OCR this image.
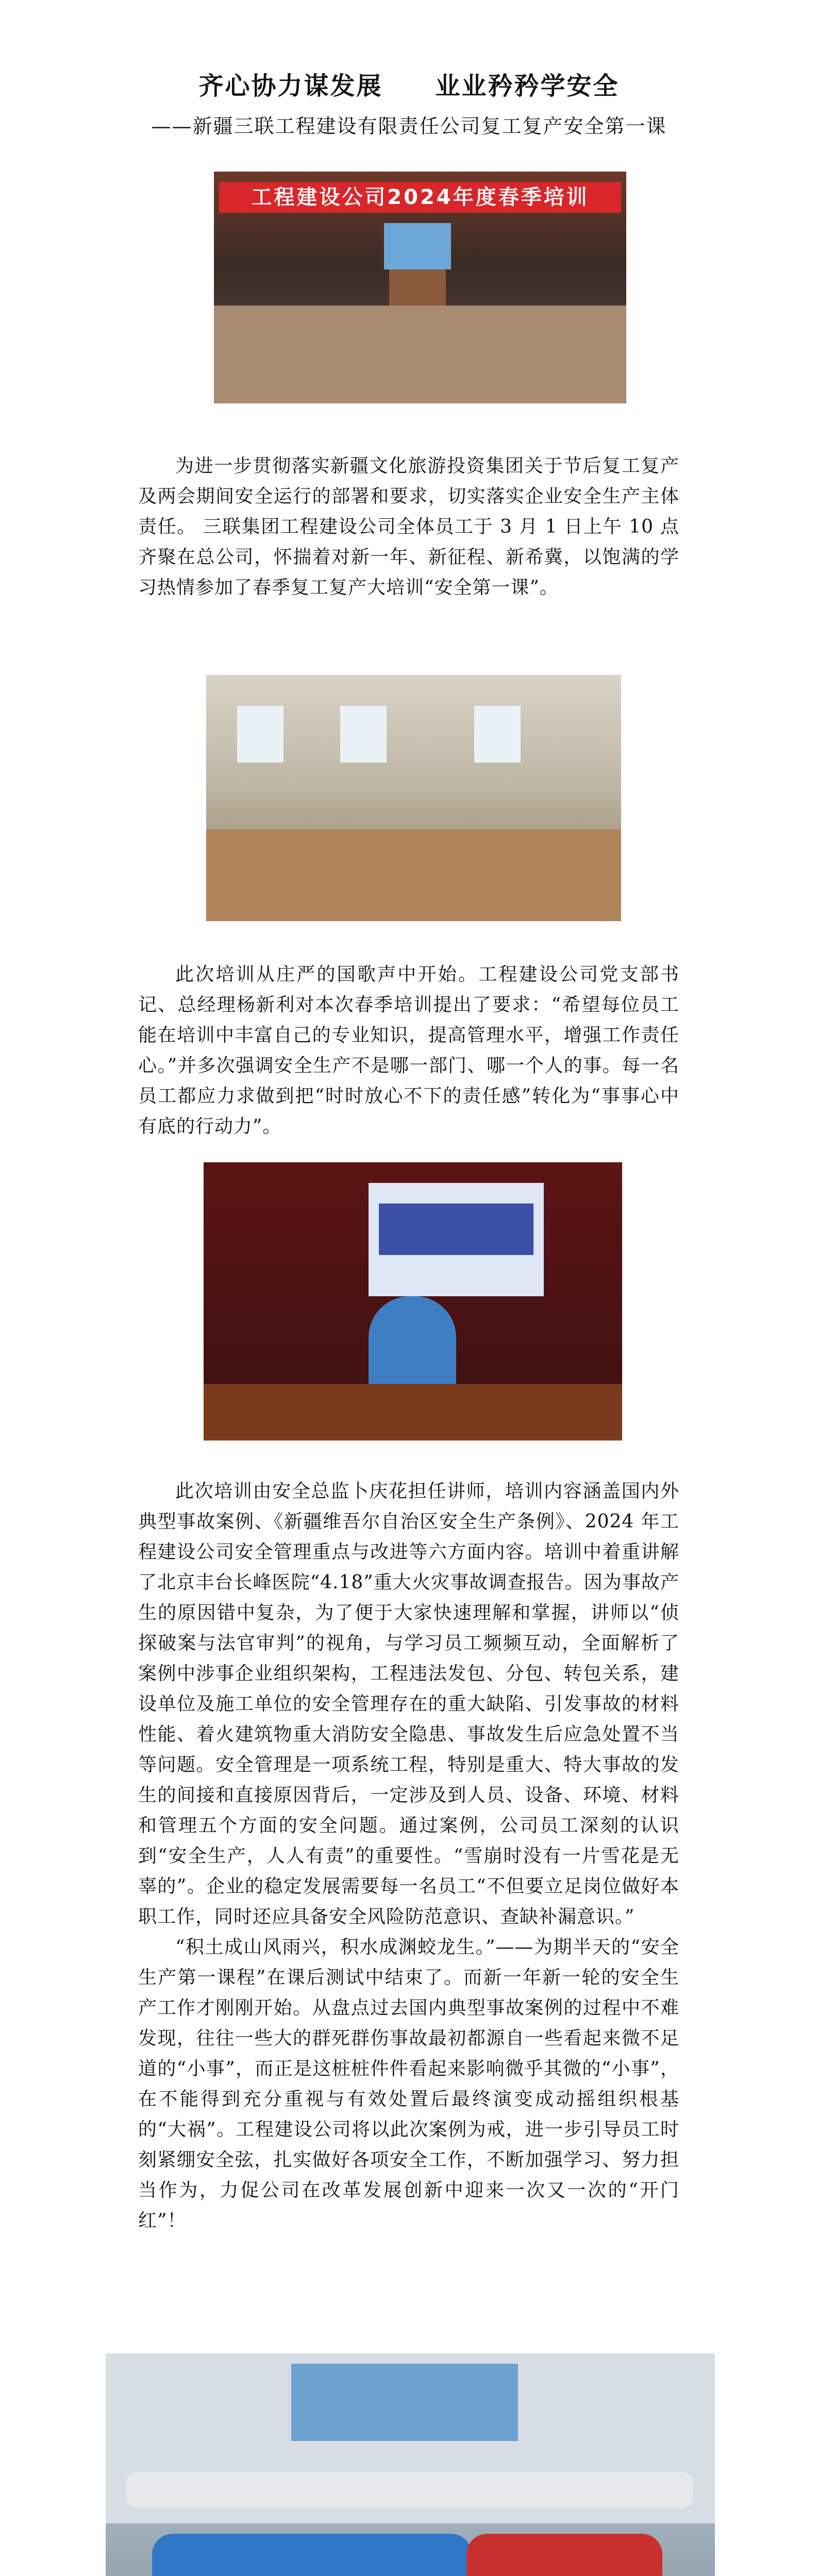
齐心协力谋发展　　业业矜矜学安全
——新疆三联工程建设有限责任公司复工复产安全第一课
工程建设公司2024年度春季培训

为进一步贯彻落实新疆文化旅游投资集团关于节后复工复产及两会期间安全运行的部署和要求，切实落实企业安全生产主体责任。 三联集团工程建设公司全体员工于 3 月 1 日上午 10 点齐聚在总公司，怀揣着对新一年、新征程、新希冀，以饱满的学习热情参加了春季复工复产大培训“安全第一课”。

此次培训从庄严的国歌声中开始。工程建设公司党支部书记、总经理杨新利对本次春季培训提出了要求：“希望每位员工能在培训中丰富自己的专业知识，提高管理水平，增强工作责任心。”并多次强调安全生产不是哪一部门、哪一个人的事。每一名员工都应力求做到把“时时放心不下的责任感”转化为“事事心中有底的行动力”。

此次培训由安全总监卜庆花担任讲师，培训内容涵盖国内外典型事故案例、《新疆维吾尔自治区安全生产条例》、2024 年工程建设公司安全管理重点与改进等六方面内容。培训中着重讲解了北京丰台长峰医院“4.18”重大火灾事故调查报告。因为事故产生的原因错中复杂，为了便于大家快速理解和掌握，讲师以“侦探破案与法官审判”的视角，与学习员工频频互动，全面解析了案例中涉事企业组织架构，工程违法发包、分包、转包关系，建设单位及施工单位的安全管理存在的重大缺陷、引发事故的材料性能、着火建筑物重大消防安全隐患、事故发生后应急处置不当等问题。安全管理是一项系统工程，特别是重大、特大事故的发生的间接和直接原因背后，一定涉及到人员、设备、环境、材料和管理五个方面的安全问题。通过案例，公司员工深刻的认识到“安全生产，人人有责”的重要性。“雪崩时没有一片雪花是无辜的”。企业的稳定发展需要每一名员工“不但要立足岗位做好本职工作，同时还应具备安全风险防范意识、查缺补漏意识。”

“积土成山风雨兴，积水成渊蛟龙生。”——为期半天的“安全生产第一课程”在课后测试中结束了。而新一年新一轮的安全生产工作才刚刚开始。从盘点过去国内典型事故案例的过程中不难发现，往往一些大的群死群伤事故最初都源自一些看起来微不足道的“小事”，而正是这桩桩件件看起来影响微乎其微的“小事”，在不能得到充分重视与有效处置后最终演变成动摇组织根基的“大祸”。工程建设公司将以此次案例为戒，进一步引导员工时刻紧绷安全弦，扎实做好各项安全工作，不断加强学习、努力担当作为，力促公司在改革发展创新中迎来一次又一次的“开门红”！
